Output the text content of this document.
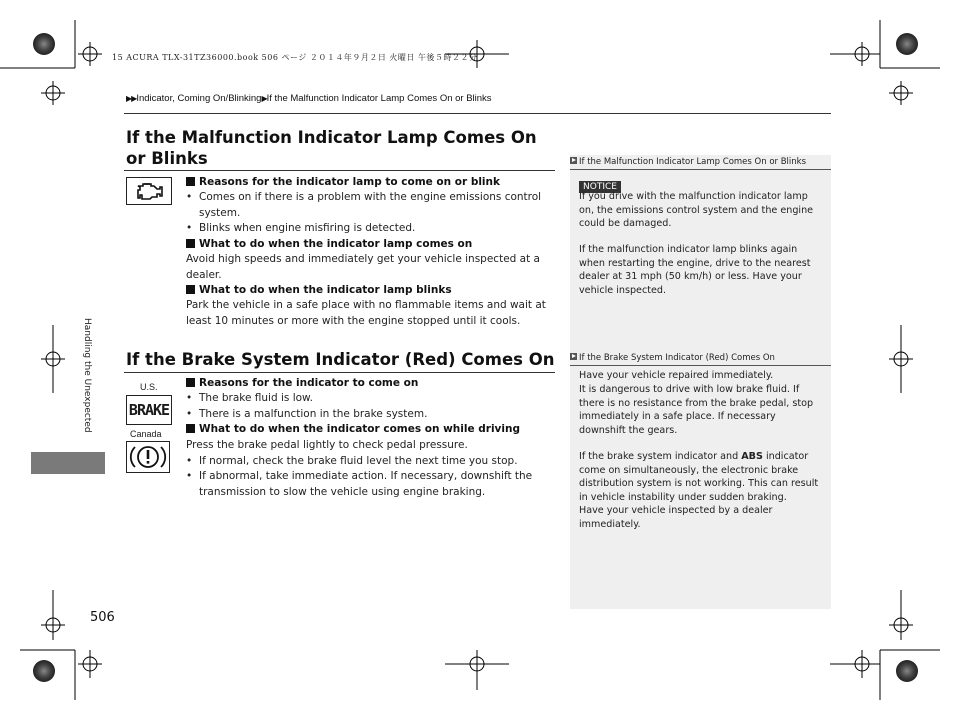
15 ACURA TLX-31TZ36000.book 506 ページ ２０１４年９月２日 火曜日 午後５時２２分
▶▶Indicator, Coming On/Blinking▶If the Malfunction Indicator Lamp Comes On or Blinks
If the Malfunction Indicator Lamp Comes On or Blinks
Reasons for the indicator lamp to come on or blink
• Comes on if there is a problem with the engine emissions control system.
• Blinks when engine misfiring is detected.
What to do when the indicator lamp comes on
Avoid high speeds and immediately get your vehicle inspected at a dealer.
What to do when the indicator lamp blinks
Park the vehicle in a safe place with no flammable items and wait at least 10 minutes or more with the engine stopped until it cools.
If the Brake System Indicator (Red) Comes On
U.S.
BRAKE
Canada
Reasons for the indicator to come on
• The brake fluid is low.
• There is a malfunction in the brake system.
What to do when the indicator comes on while driving
Press the brake pedal lightly to check pedal pressure.
• If normal, check the brake fluid level the next time you stop.
• If abnormal, take immediate action. If necessary, downshift the transmission to slow the vehicle using engine braking.
If the Malfunction Indicator Lamp Comes On or Blinks
NOTICE
If you drive with the malfunction indicator lamp on, the emissions control system and the engine could be damaged.
If the malfunction indicator lamp blinks again when restarting the engine, drive to the nearest dealer at 31 mph (50 km/h) or less. Have your vehicle inspected.
If the Brake System Indicator (Red) Comes On
Have your vehicle repaired immediately.
It is dangerous to drive with low brake fluid. If there is no resistance from the brake pedal, stop immediately in a safe place. If necessary downshift the gears.
If the brake system indicator and ABS indicator come on simultaneously, the electronic brake distribution system is not working. This can result in vehicle instability under sudden braking.
Have your vehicle inspected by a dealer immediately.
Handling the Unexpected
506
